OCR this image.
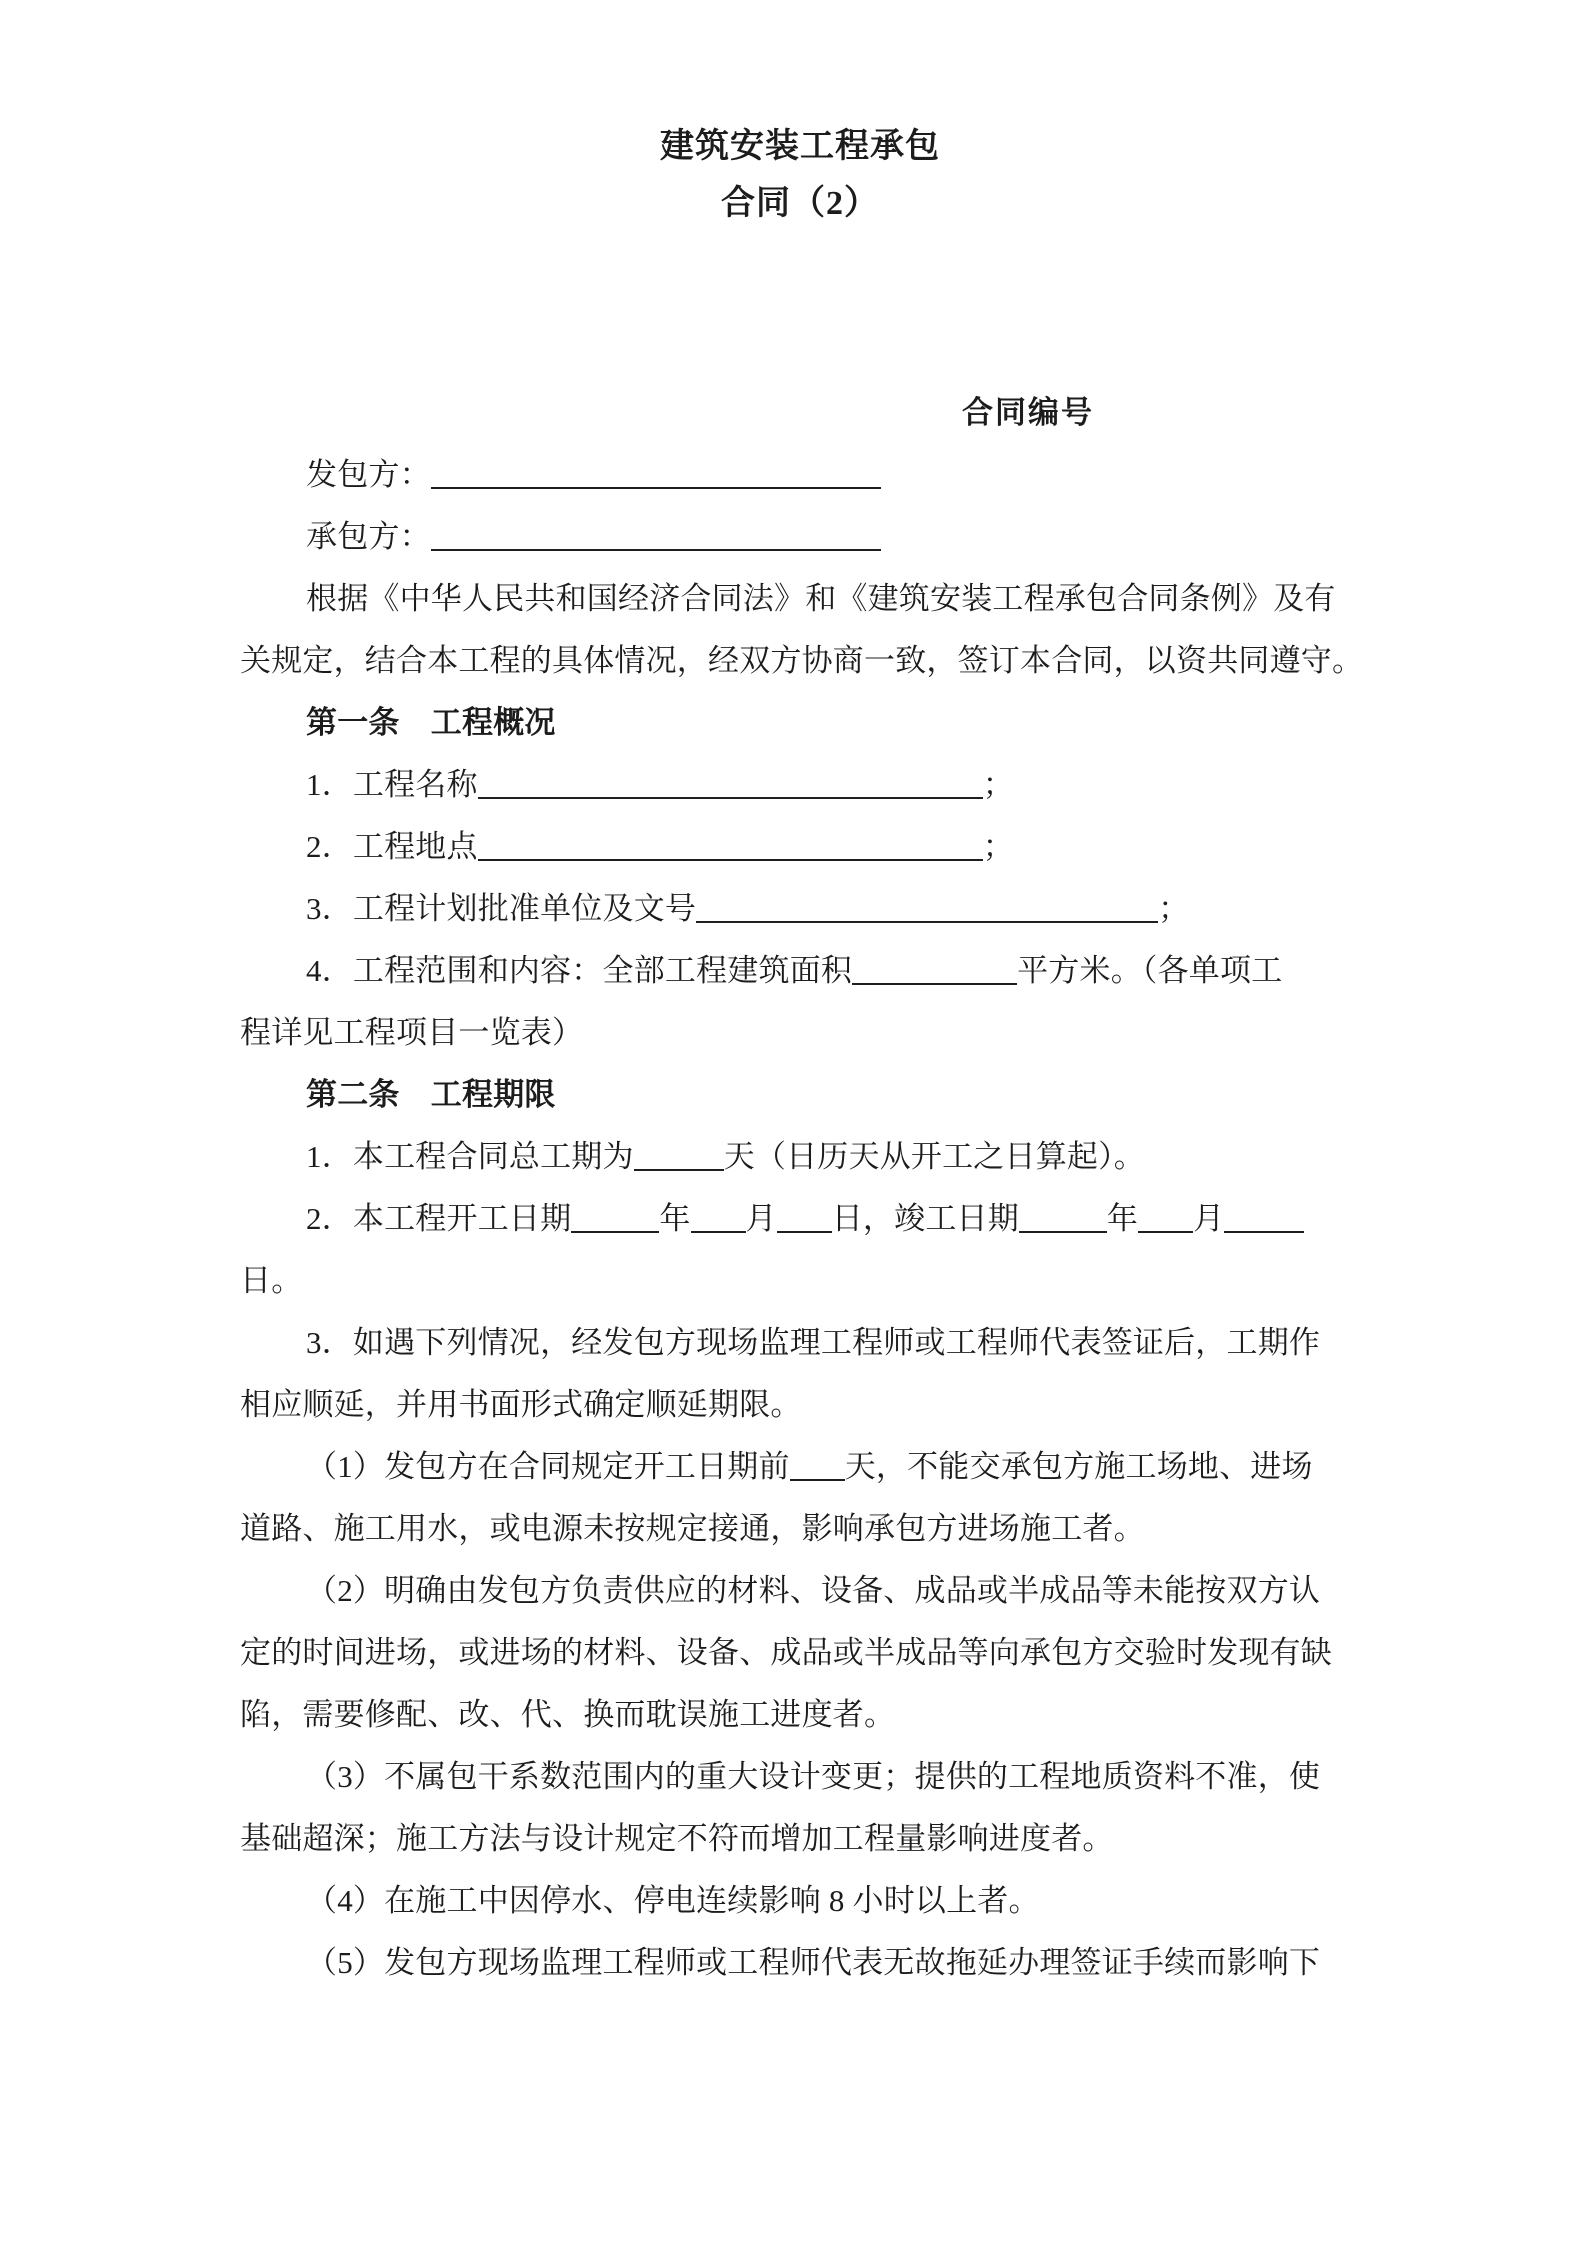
建筑安装工程承包
合同（2）
合同编号
发包方：
承包方：
根据《中华人民共和国经济合同法》和《建筑安装工程承包合同条例》及有
关规定，结合本工程的具体情况，经双方协商一致，签订本合同，以资共同遵守。
第一条　工程概况
1．工程名称	；
2．工程地点	；
3．工程计划批准单位及文号	；
4．工程范围和内容：全部工程建筑面积	平方米。（各单项工
程详见工程项目一览表）
第二条　工程期限
1．本工程合同总工期为	天（日历天从开工之日算起）。
2．本工程开工日期	年 月 日，竣工日期	年 月
日。
3．如遇下列情况，经发包方现场监理工程师或工程师代表签证后，工期作
相应顺延，并用书面形式确定顺延期限。
（1）发包方在合同规定开工日期前 天，不能交承包方施工场地、进场
道路、施工用水，或电源未按规定接通，影响承包方进场施工者。
（2）明确由发包方负责供应的材料、设备、成品或半成品等未能按双方认
定的时间进场，或进场的材料、设备、成品或半成品等向承包方交验时发现有缺
陷，需要修配、改、代、换而耽误施工进度者。
（3）不属包干系数范围内的重大设计变更；提供的工程地质资料不准，使
基础超深；施工方法与设计规定不符而增加工程量影响进度者。
（4）在施工中因停水、停电连续影响 8 小时以上者。
（5）发包方现场监理工程师或工程师代表无故拖延办理签证手续而影响下
